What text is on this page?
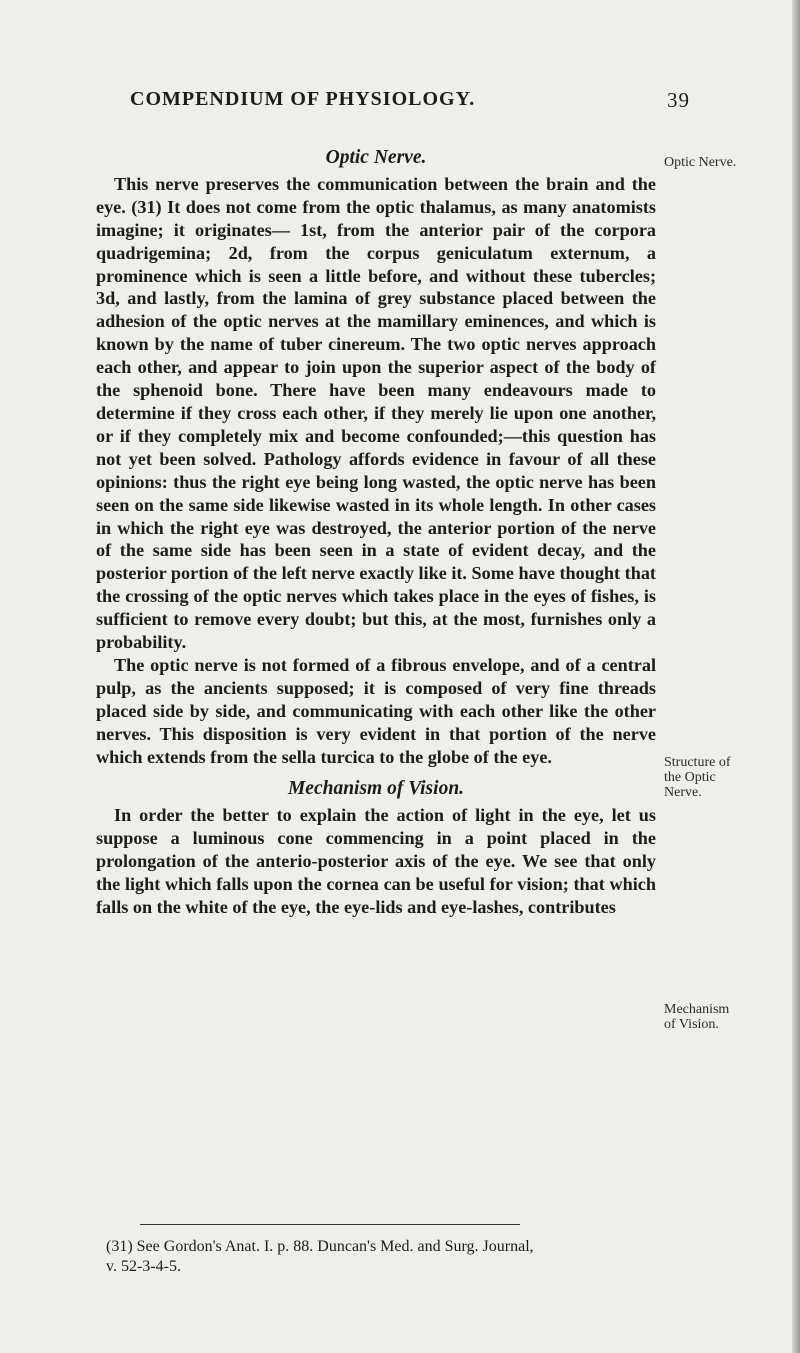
COMPENDIUM OF PHYSIOLOGY.	39
Optic Nerve.

This nerve preserves the communication between the brain and the eye. (31) It does not come from the optic thalamus, as many anatomists imagine; it originates— 1st, from the anterior pair of the corpora quadrigemina; 2d, from the corpus geniculatum externum, a prominence which is seen a little before, and without these tubercles; 3d, and lastly, from the lamina of grey substance placed between the adhesion of the optic nerves at the mamillary eminences, and which is known by the name of tuber cinereum. The two optic nerves approach each other, and appear to join upon the superior aspect of the body of the sphenoid bone. There have been many endeavours made to determine if they cross each other, if they merely lie upon one another, or if they completely mix and become confounded;—this question has not yet been solved. Pathology affords evidence in favour of all these opinions: thus the right eye being long wasted, the optic nerve has been seen on the same side likewise wasted in its whole length. In other cases in which the right eye was destroyed, the anterior portion of the nerve of the same side has been seen in a state of evident decay, and the posterior portion of the left nerve exactly like it. Some have thought that the crossing of the optic nerves which takes place in the eyes of fishes, is sufficient to remove every doubt; but this, at the most, furnishes only a probability.

The optic nerve is not formed of a fibrous envelope, and of a central pulp, as the ancients supposed; it is composed of very fine threads placed side by side, and communicating with each other like the other nerves. This disposition is very evident in that portion of the nerve which extends from the sella turcica to the globe of the eye.

Mechanism of Vision.

In order the better to explain the action of light in the eye, let us suppose a luminous cone commencing in a point placed in the prolongation of the anterio-posterior axis of the eye. We see that only the light which falls upon the cornea can be useful for vision; that which falls on the white of the eye, the eye-lids and eye-lashes, contributes

Optic Nerve.
Structure of the Optic Nerve.
Mechanism of Vision.
(31) See Gordon's Anat. I. p. 88. Duncan's Med. and Surg. Journal,
v. 52-3-4-5.
